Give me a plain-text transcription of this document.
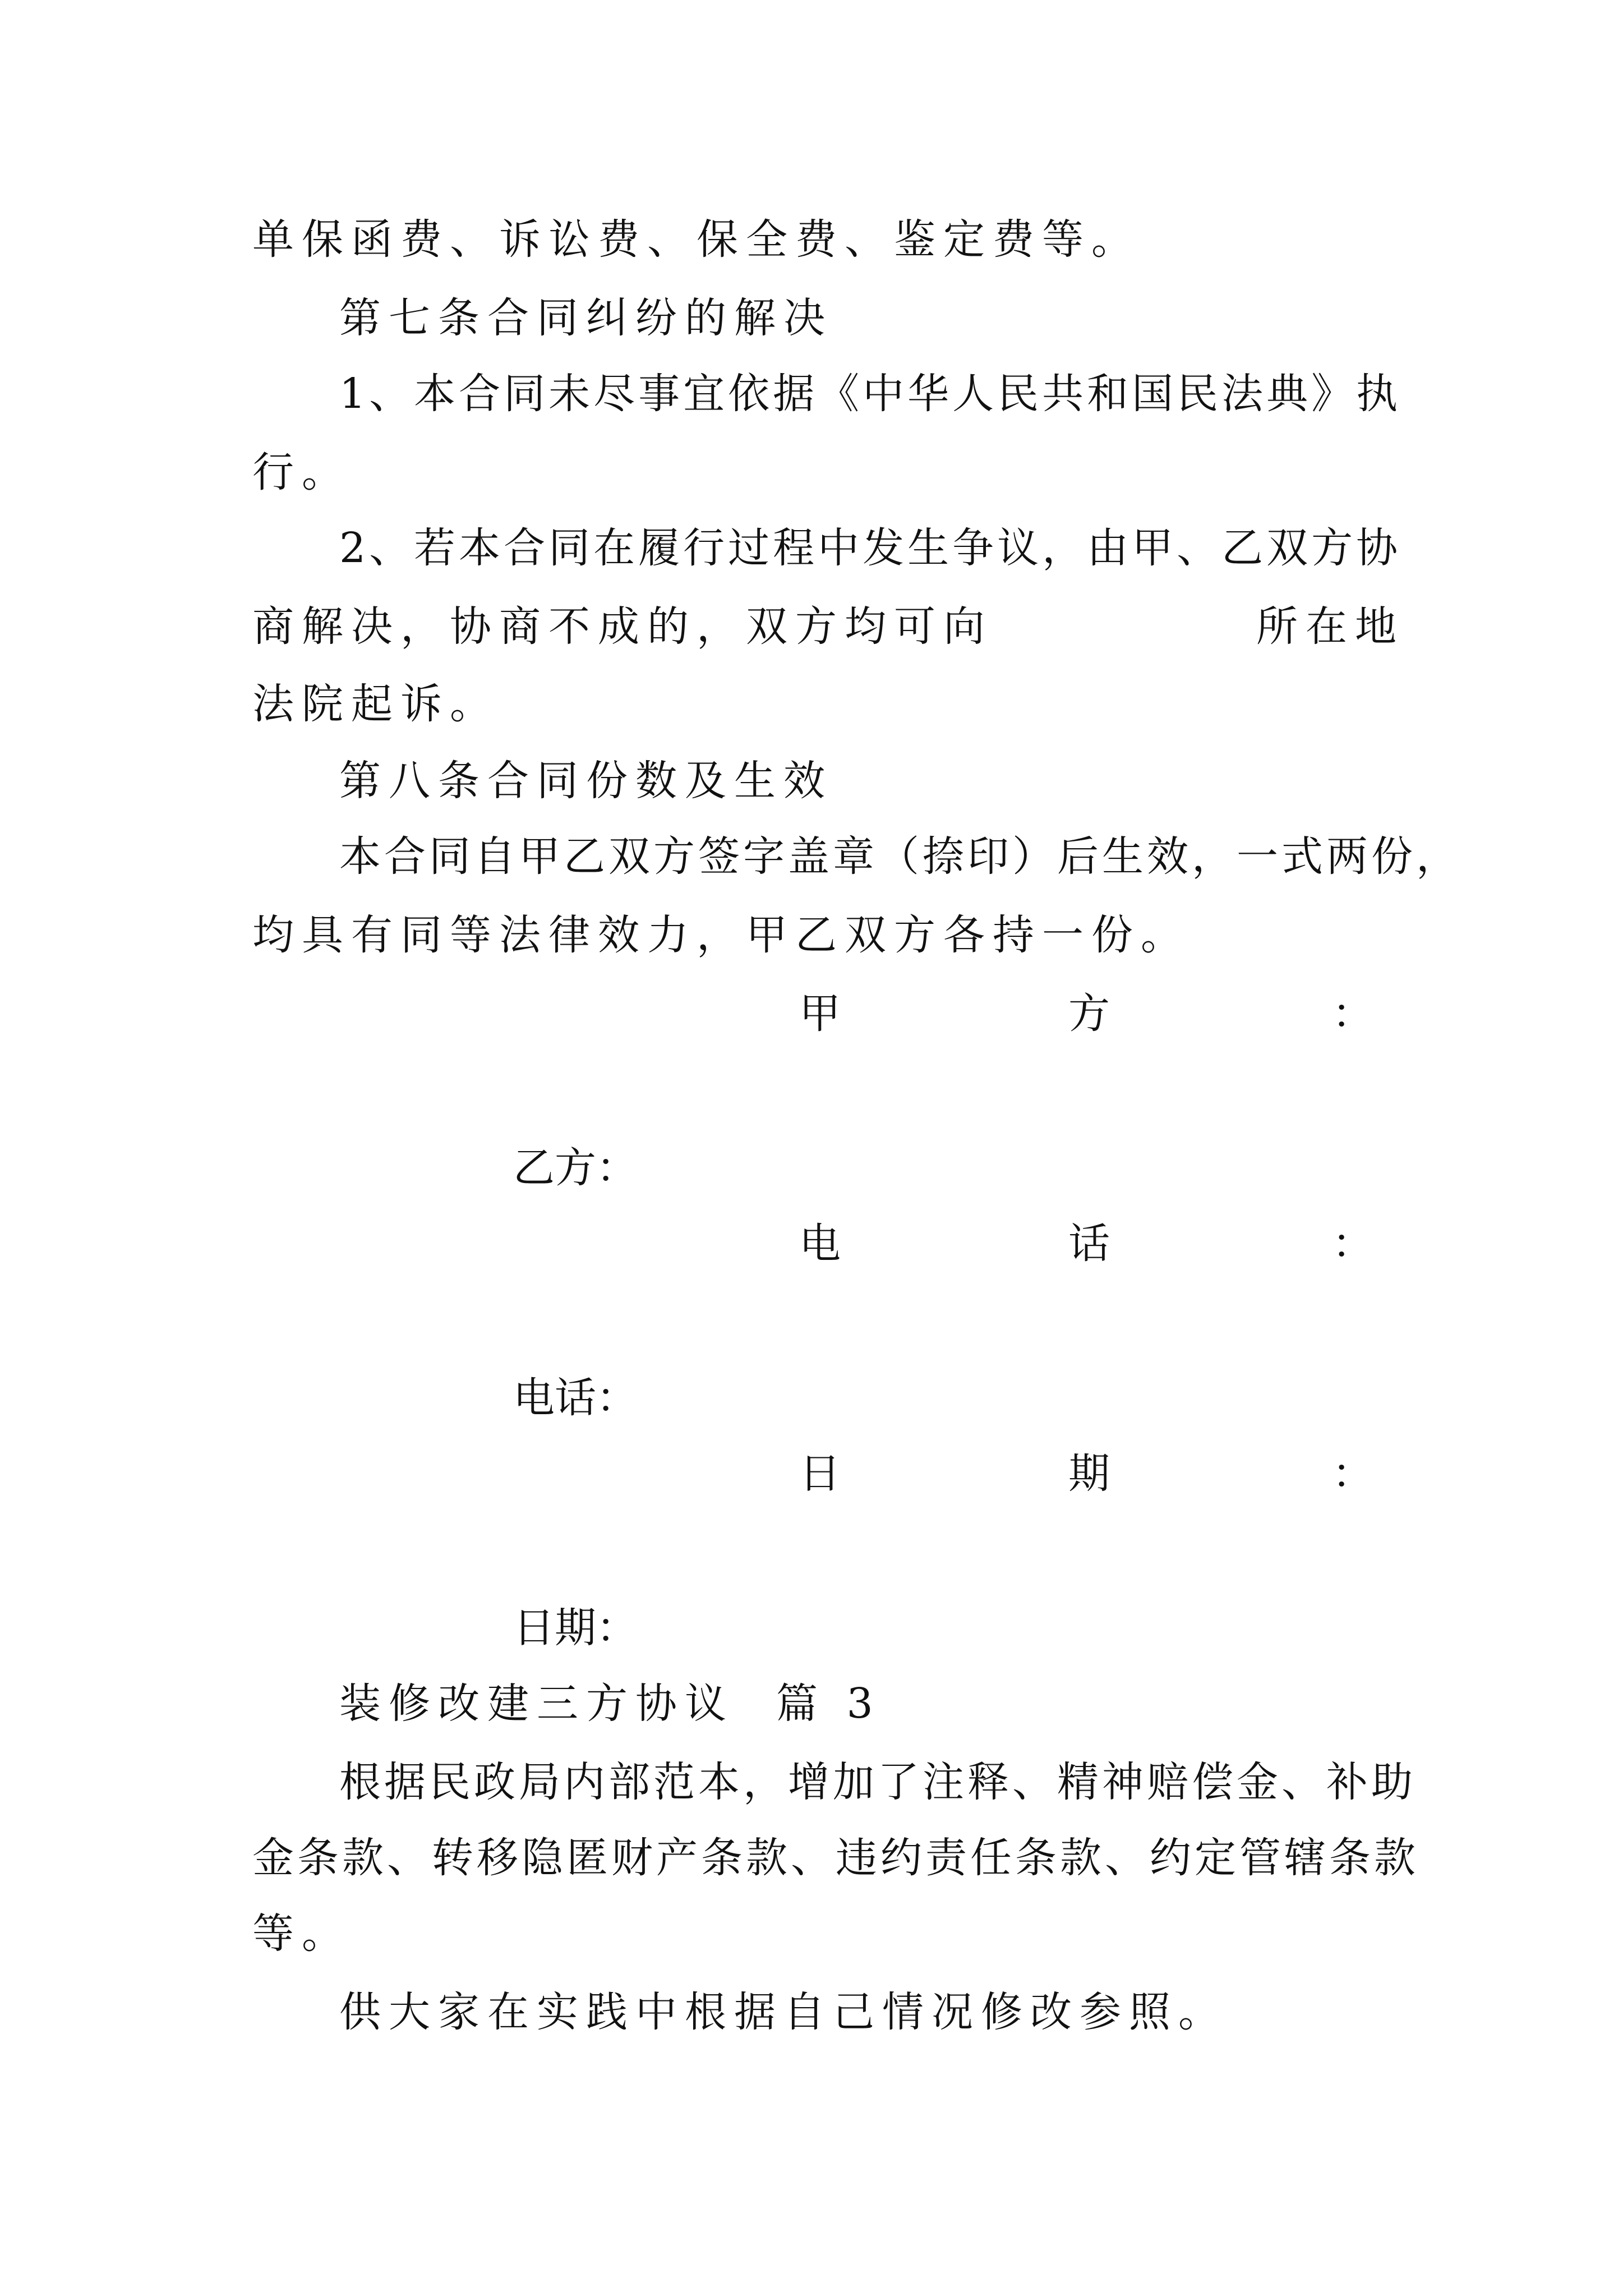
单保函费、诉讼费、保全费、鉴定费等。

第七条合同纠纷的解决

1、本合同未尽事宜依据《中华人民共和国民法典》执

行。

2、若本合同在履行过程中发生争议，由甲、乙双方协

商解决，协商不成的，双方均可向	所在地

法院起诉。

第八条合同份数及生效

本合同自甲乙双方签字盖章（捺印）后生效，一式两份，

均具有同等法律效力，甲乙双方各持一份。

甲	方	：
乙方：
电	话	：
电话：
日	期	：
日期：

装修改建三方协议  篇 3

根据民政局内部范本，增加了注释、精神赔偿金、补助

金条款、转移隐匿财产条款、违约责任条款、约定管辖条款

等。

供大家在实践中根据自己情况修改参照。
